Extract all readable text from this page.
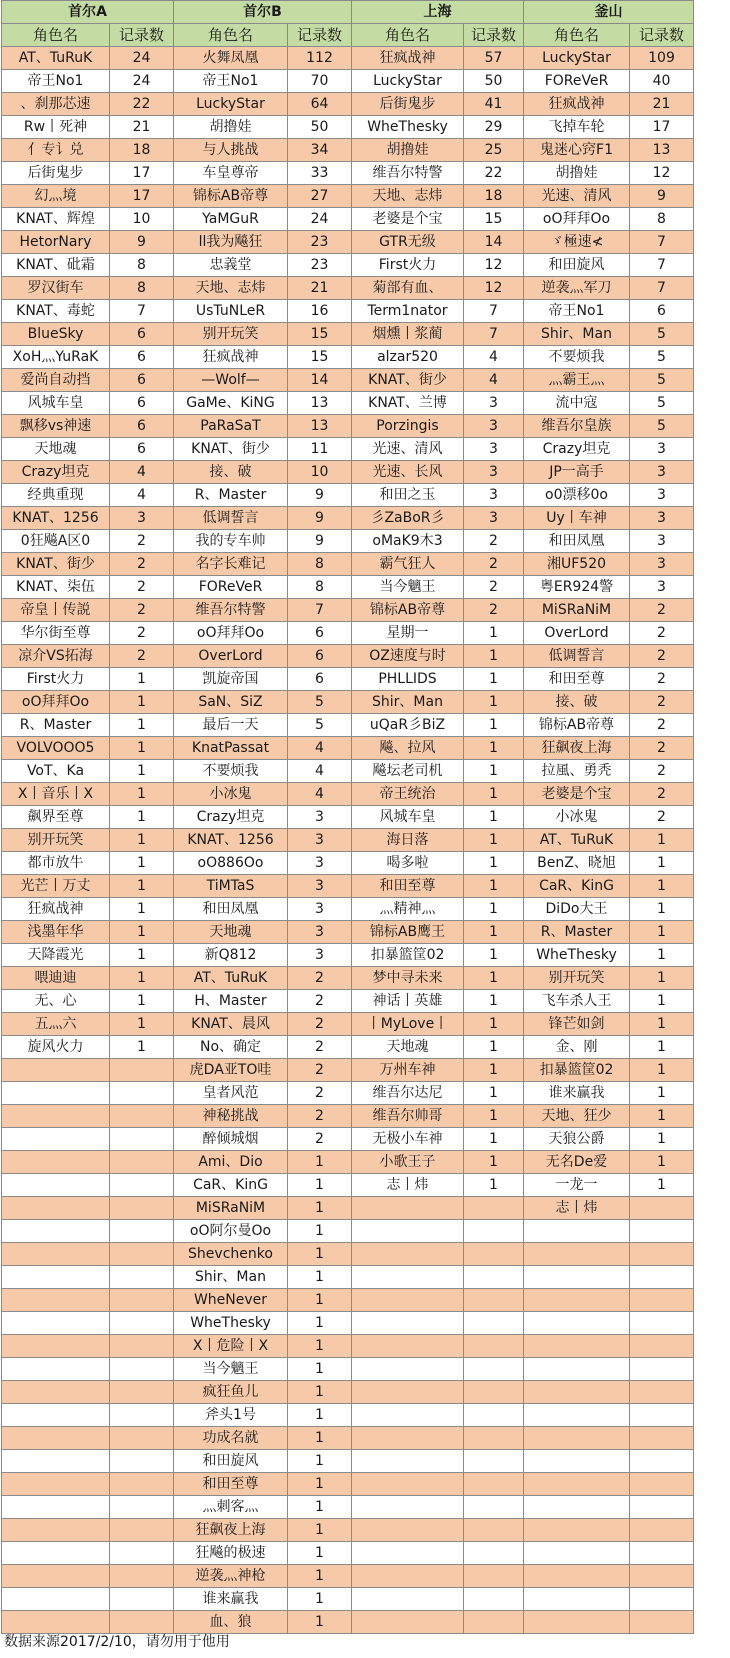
首尔A		首尔B		上海		釜山	
角色名	记录数	角色名	记录数	角色名	记录数	角色名	记录数
AT、TuRuK	24	火舞凤凰	112	狂疯战神	57	LuckyStar	109
帝王No1	24	帝王No1	70	LuckyStar	50	FOReVeR	40
、刹那芯速	22	LuckyStar	64	后街鬼步	41	狂疯战神	21
Rw丨死神	21	胡撸娃	50	WheThesky	29	飞掉车轮	17
亻专讠兑	18	与人挑战	34	胡撸娃	25	鬼迷心窍F1	13
后街鬼步	17	车皇尊帝	33	维吾尔特警	22	胡撸娃	12
幻灬境	17	锦标AB帝尊	27	天地、志炜	18	光速、清风	9
KNAT、辉煌	10	YaMGuR	24	老婆是个宝	15	oO拜拜Oo	8
HetorNary	9	ll我为飚狂	23	GTR无级	14	ゞ極速≮	7
KNAT、砒霜	8	忠義堂	23	First火力	12	和田旋风	7
罗汉街车	8	天地、志炜	21	菊部有血、	12	逆袭灬军刀	7
KNAT、毒蛇	7	UsTuNLeR	16	Term1nator	7	帝王No1	6
BlueSky	6	别开玩笑	15	烟燻丨浆蔺	7	Shir、Man	5
XoH灬YuRaK	6	狂疯战神	15	alzar520	4	不要烦我	5
爱尚自动挡	6	—Wolf—	14	KNAT、街少	4	灬霸王灬	5
风城车皇	6	GaMe、KiNG	13	KNAT、兰博	3	流中寇	5
飘移vs神速	6	PaRaSaT	13	Porzingis	3	维吾尔皇族	5
天地魂	6	KNAT、街少	11	光速、清风	3	Crazy坦克	3
Crazy坦克	4	接、破	10	光速、长风	3	JP一高手	3
经典重现	4	R、Master	9	和田之玉	3	o0漂移0o	3
KNAT、1256	3	低调誓言	9	彡ZaBoR彡	3	Uy丨车神	3
0狂飚A区0	2	我的专车帅	9	oMaK9木3	2	和田凤凰	3
KNAT、街少	2	名字长难记	8	霸气狂人	2	湘UF520	3
KNAT、柒伍	2	FOReVeR	8	当今魑王	2	粤ER924警	3
帝皇丨传説	2	维吾尔特警	7	锦标AB帝尊	2	MiSRaNiM	2
华尔街至尊	2	oO拜拜Oo	6	星期一	1	OverLord	2
凉介VS拓海	2	OverLord	6	OZ速度与时	1	低调誓言	2
First火力	1	凯旋帝国	6	PHLLIDS	1	和田至尊	2
oO拜拜Oo	1	SaN、SiZ	5	Shir、Man	1	接、破	2
R、Master	1	最后一天	5	uQaR彡BiZ	1	锦标AB帝尊	2
VOLVOOO5	1	KnatPassat	4	飚、拉风	1	狂飙夜上海	2
VoT、Ka	1	不要烦我	4	飚坛老司机	1	拉風、勇秃	2
X丨音乐丨X	1	小冰鬼	4	帝王统治	1	老婆是个宝	2
飙界至尊	1	Crazy坦克	3	风城车皇	1	小冰鬼	2
别开玩笑	1	KNAT、1256	3	海日落	1	AT、TuRuK	1
都市放牛	1	oO886Oo	3	喝多啦	1	BenZ、晓旭	1
光芒丨万丈	1	TiMTaS	3	和田至尊	1	CaR、KinG	1
狂疯战神	1	和田凤凰	3	灬精神灬	1	DiDo大王	1
浅墨年华	1	天地魂	3	锦标AB鹰王	1	R、Master	1
天降霞光	1	新Q812	3	扣暴篮筐02	1	WheThesky	1
喂迪迪	1	AT、TuRuK	2	梦中寻未来	1	别开玩笑	1
无、心	1	H、Master	2	神话丨英雄	1	飞车杀人王	1
五灬六	1	KNAT、晨风	2	丨MyLove丨	1	锋芒如剑	1
旋风火力	1	No、确定	2	天地魂	1	金、刚	1
		虎DA亚TO哇	2	万州车神	1	扣暴篮筐02	1
		皇者风范	2	维吾尔达尼	1	谁来赢我	1
		神秘挑战	2	维吾尔帅哥	1	天地、狂少	1
		醉倾城烟	2	无极小车神	1	天狼公爵	1
		Ami、Dio	1	小歌王子	1	无名De爱	1
		CaR、KinG	1	志丨炜	1	一龙一	1
		MiSRaNiM	1			志丨炜	
		oO阿尔曼Oo	1				
		Shevchenko	1				
		Shir、Man	1				
		WheNever	1				
		WheThesky	1				
		X丨危险丨X	1				
		当今魑王	1				
		疯狂鱼儿	1				
		斧头1号	1				
		功成名就	1				
		和田旋风	1				
		和田至尊	1				
		灬刺客灬	1				
		狂飙夜上海	1				
		狂飚的极速	1				
		逆袭灬神枪	1				
		谁来赢我	1				
		血、狼	1				
数据来源2017/2/10，请勿用于他用
